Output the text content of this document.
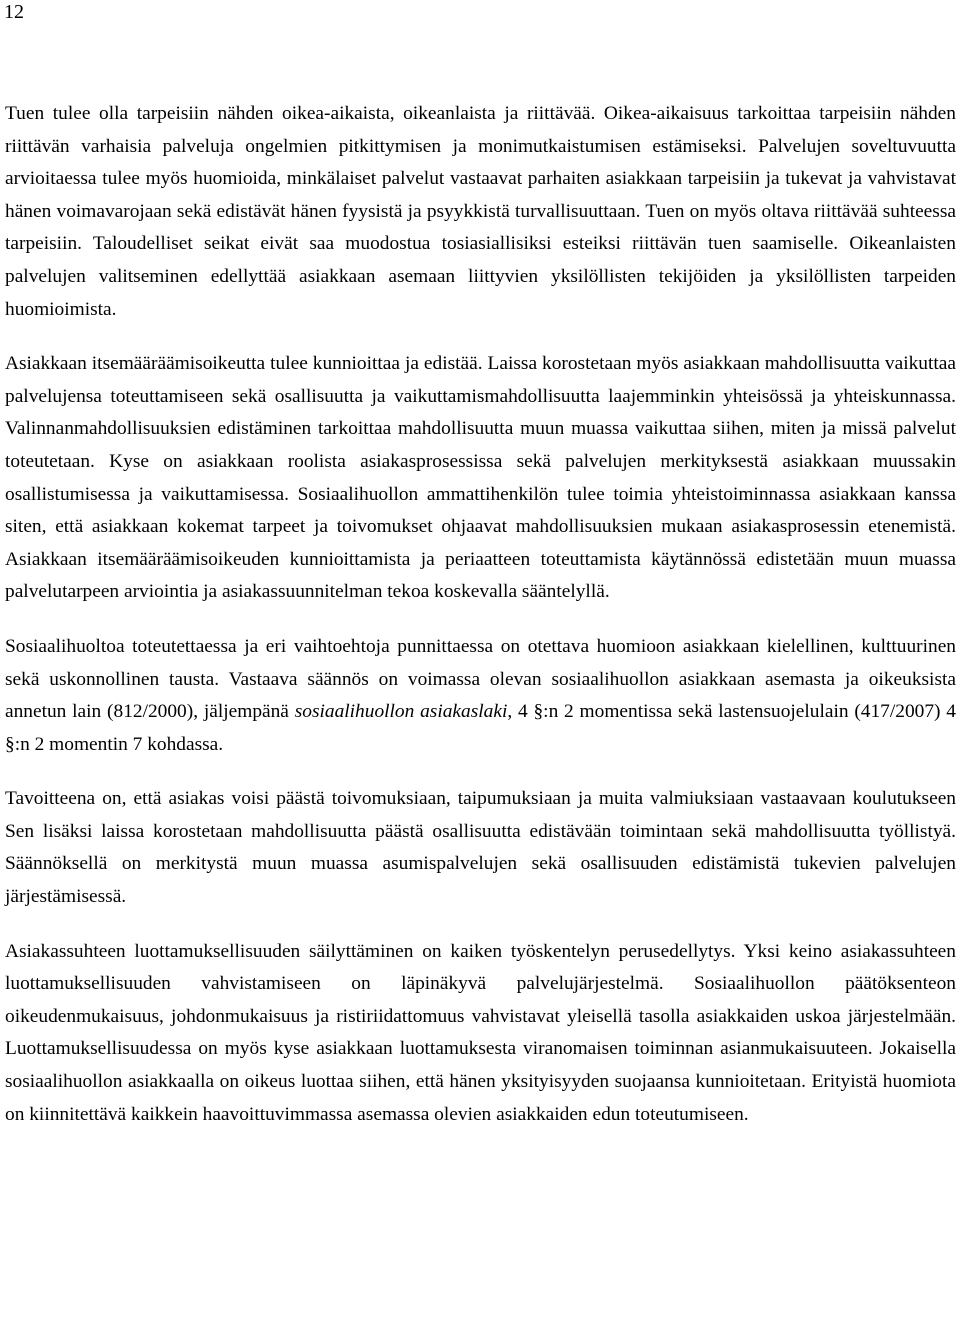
12

Tuen tulee olla tarpeisiin nähden oikea-aikaista, oikeanlaista ja riittävää. Oikea-aikaisuus tarkoittaa tarpeisiin nähden riittävän varhaisia palveluja ongelmien pitkittymisen ja monimutkaistumisen estämiseksi. Palvelujen soveltuvuutta arvioitaessa tulee myös huomioida, minkälaiset palvelut vastaavat parhaiten asiakkaan tarpeisiin ja tukevat ja vahvistavat hänen voimavarojaan sekä edistävät hänen fyysistä ja psyykkistä turvallisuuttaan. Tuen on myös oltava riittävää suhteessa tarpeisiin. Taloudelliset seikat eivät saa muodostua tosiasiallisiksi esteiksi riittävän tuen saamiselle. Oikeanlaisten palvelujen valitseminen edellyttää asiakkaan asemaan liittyvien yksilöllisten tekijöiden ja yksilöllisten tarpeiden huomioimista.

Asiakkaan itsemääräämisoikeutta tulee kunnioittaa ja edistää. Laissa korostetaan myös asiakkaan mahdollisuutta vaikuttaa palvelujensa toteuttamiseen sekä osallisuutta ja vaikuttamismahdollisuutta laajemminkin yhteisössä ja yhteiskunnassa. Valinnanmahdollisuuksien edistäminen tarkoittaa mahdollisuutta muun muassa vaikuttaa siihen, miten ja missä palvelut toteutetaan. Kyse on asiakkaan roolista asiakasprosessissa sekä palvelujen merkityksestä asiakkaan muussakin osallistumisessa ja vaikuttamisessa. Sosiaalihuollon ammattihenkilön tulee toimia yhteistoiminnassa asiakkaan kanssa siten, että asiakkaan kokemat tarpeet ja toivomukset ohjaavat mahdollisuuksien mukaan asiakasprosessin etenemistä. Asiakkaan itsemääräämisoikeuden kunnioittamista ja periaatteen toteuttamista käytännössä edistetään muun muassa palvelutarpeen arviointia ja asiakassuunnitelman tekoa koskevalla sääntelyllä.

Sosiaalihuoltoa toteutettaessa ja eri vaihtoehtoja punnittaessa on otettava huomioon asiakkaan kielellinen, kulttuurinen sekä uskonnollinen tausta. Vastaava säännös on voimassa olevan sosiaalihuollon asiakkaan asemasta ja oikeuksista annetun lain (812/2000), jäljempänä sosiaalihuollon asiakaslaki, 4 §:n 2 momentissa sekä lastensuojelulain (417/2007) 4 §:n 2 momentin 7 kohdassa.

Tavoitteena on, että asiakas voisi päästä toivomuksiaan, taipumuksiaan ja muita valmiuksiaan vastaavaan koulutukseen Sen lisäksi laissa korostetaan mahdollisuutta päästä osallisuutta edistävään toimintaan sekä mahdollisuutta työllistyä. Säännöksellä on merkitystä muun muassa asumispalvelujen sekä osallisuuden edistämistä tukevien palvelujen järjestämisessä.

Asiakassuhteen luottamuksellisuuden säilyttäminen on kaiken työskentelyn perusedellytys. Yksi keino asiakassuhteen luottamuksellisuuden vahvistamiseen on läpinäkyvä palvelujärjestelmä. Sosiaalihuollon päätöksenteon oikeudenmukaisuus, johdonmukaisuus ja ristiriidattomuus vahvistavat yleisellä tasolla asiakkaiden uskoa järjestelmään. Luottamuksellisuudessa on myös kyse asiakkaan luottamuksesta viranomaisen toiminnan asianmukaisuuteen. Jokaisella sosiaalihuollon asiakkaalla on oikeus luottaa siihen, että hänen yksityisyyden suojaansa kunnioitetaan. Erityistä huomiota on kiinnitettävä kaikkein haavoittuvimmassa asemassa olevien asiakkaiden edun toteutumiseen.
